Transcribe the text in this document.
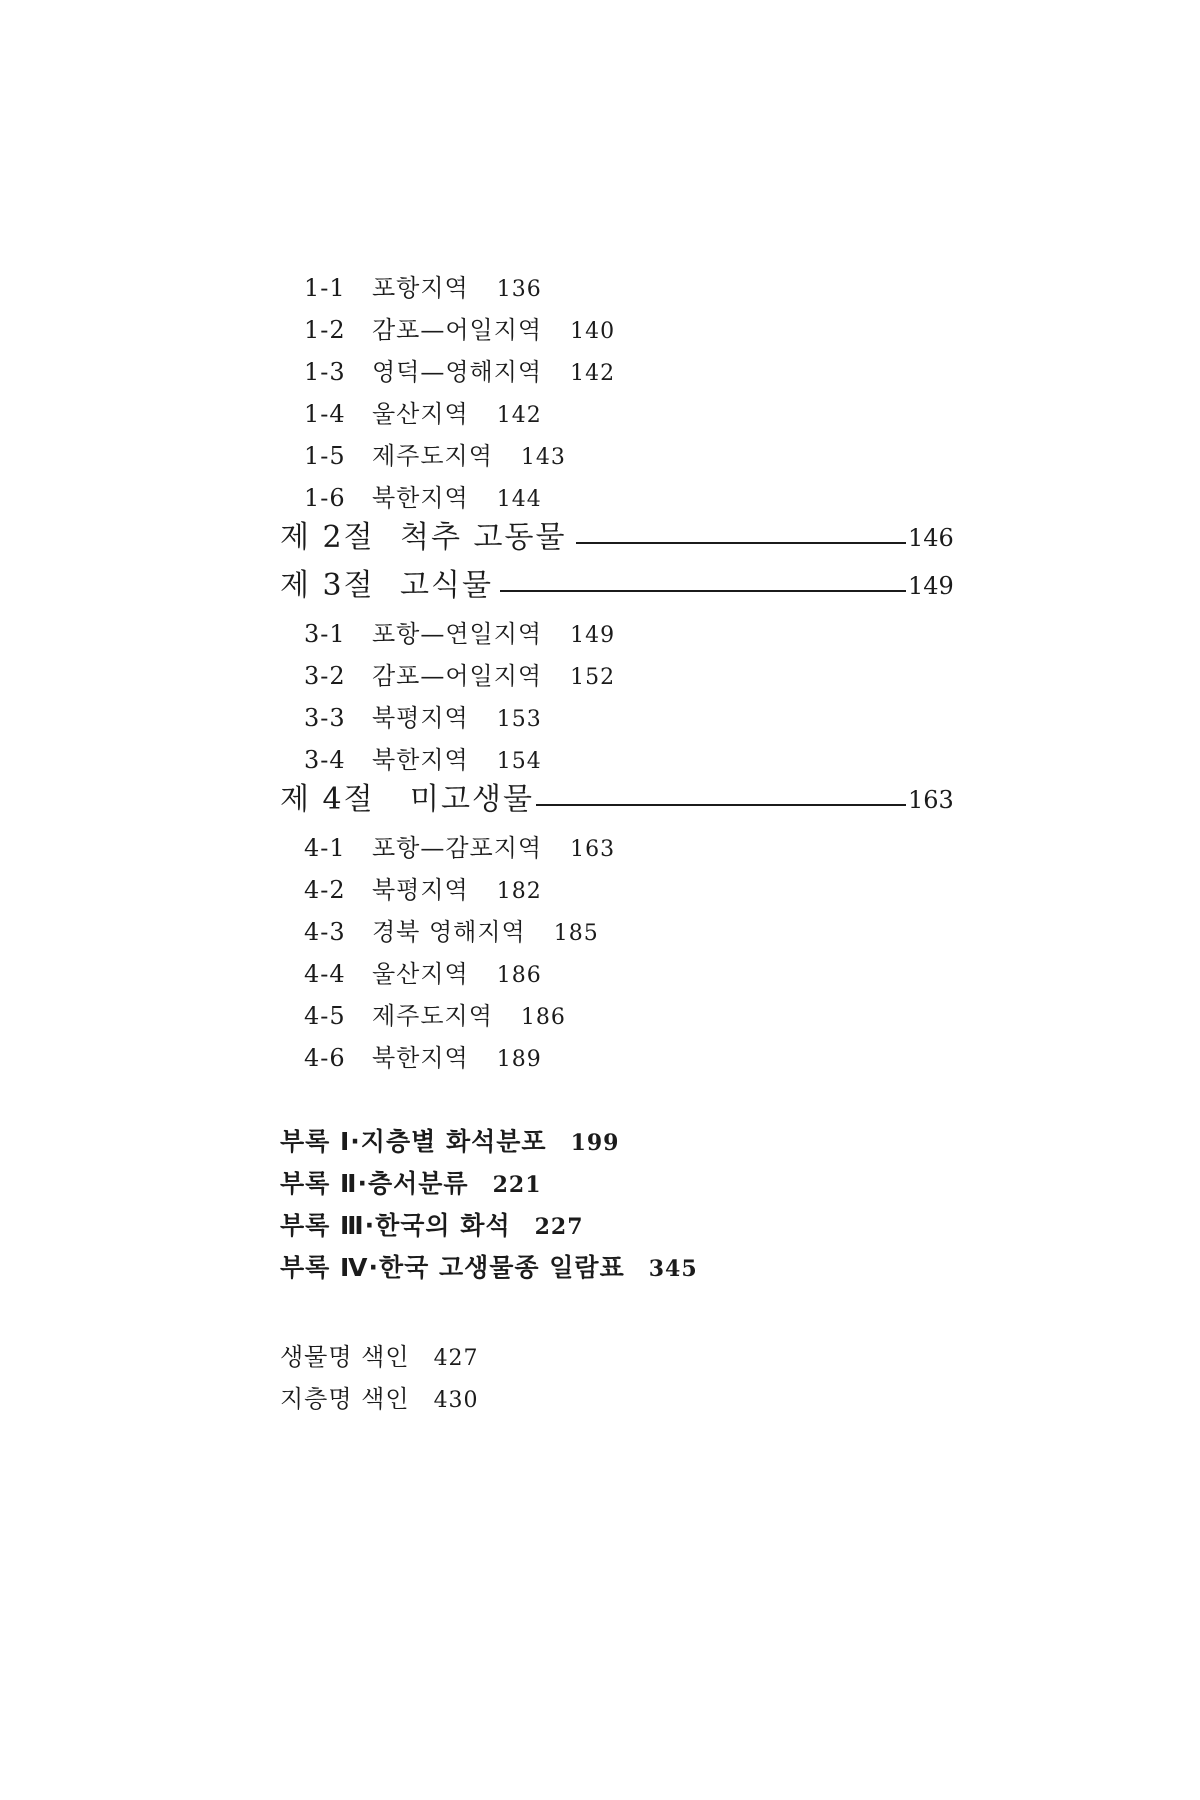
1-1 포항지역 136
1-2 감포—어일지역 140
1-3 영덕—영해지역 142
1-4 울산지역 142
1-5 제주도지역 143
1-6 북한지역 144
제 2절 척추 고동물	146
제 3절 고식물	149
3-1 포항—연일지역 149
3-2 감포—어일지역 152
3-3 북평지역 153
3-4 북한지역 154
제 4절 미고생물	163
4-1 포항—감포지역 163
4-2 북평지역 182
4-3 경북 영해지역 185
4-4 울산지역 186
4-5 제주도지역 186
4-6 북한지역 189
부록 Ⅰ·지층별 화석분포 199
부록 Ⅱ·층서분류 221
부록 Ⅲ·한국의 화석 227
부록 Ⅳ·한국 고생물종 일람표 345
생물명 색인 427
지층명 색인 430
